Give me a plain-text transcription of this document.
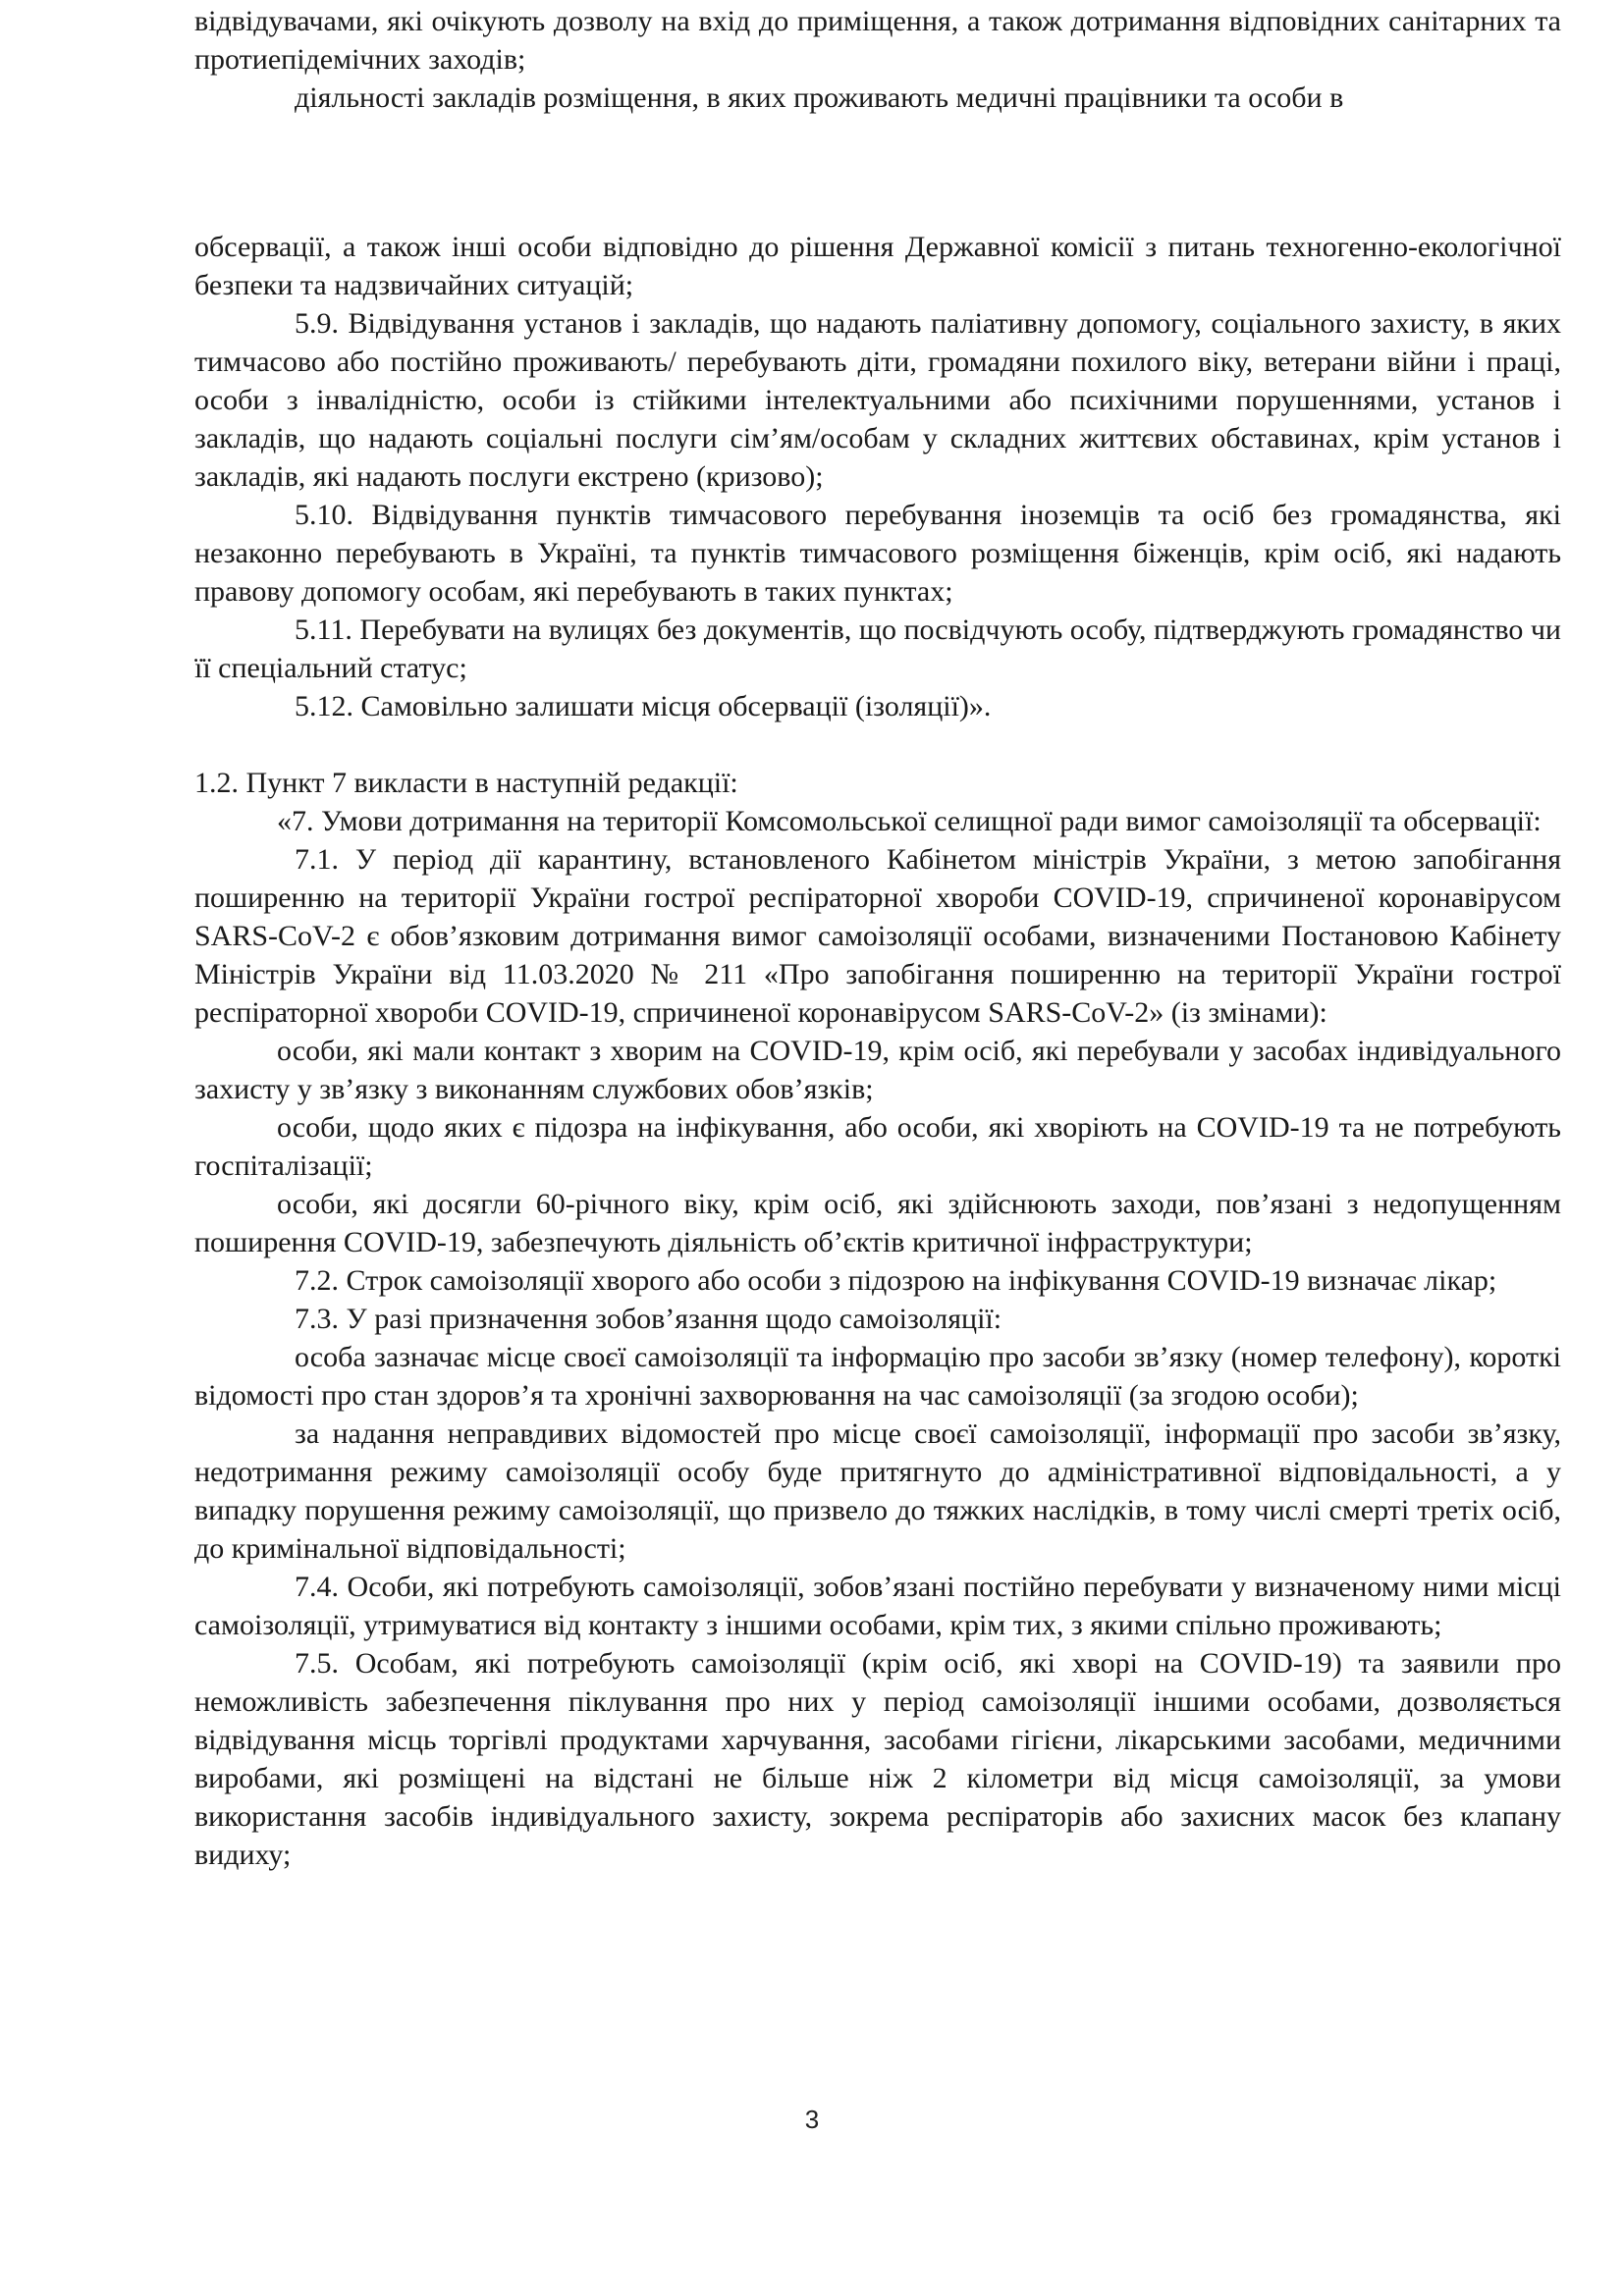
відвідувачами, які очікують дозволу на вхід до приміщення, а також дотримання відповідних санітарних та протиепідемічних заходів;

діяльності закладів розміщення, в яких проживають медичні працівники та особи в

обсервації, а також інші особи відповідно до рішення Державної комісії з питань техногенно-екологічної безпеки та надзвичайних ситуацій;

5.9. Відвідування установ і закладів, що надають паліативну допомогу, соціального захисту, в яких тимчасово або постійно проживають/ перебувають діти, громадяни похилого віку, ветерани війни і праці, особи з інвалідністю, особи із стійкими інтелектуальними або психічними порушеннями, установ і закладів, що надають соціальні послуги сім’ям/особам у складних життєвих обставинах, крім установ і закладів, які надають послуги екстрено (кризово);

5.10. Відвідування пунктів тимчасового перебування іноземців та осіб без громадянства, які незаконно перебувають в Україні, та пунктів тимчасового розміщення біженців, крім осіб, які надають правову допомогу особам, які перебувають в таких пунктах;

5.11. Перебувати на вулицях без документів, що посвідчують особу, підтверджують громадянство чи її спеціальний статус;

5.12. Самовільно залишати місця обсервації (ізоляції)».

1.2. Пункт 7 викласти в наступній редакції:

«7. Умови дотримання на території Комсомольської селищної ради вимог самоізоляції та обсервації:

7.1. У період дії карантину, встановленого Кабінетом міністрів України, з метою запобігання поширенню на території України гострої респіраторної хвороби COVID-19, спричиненої коронавірусом SARS-CoV-2 є обов’язковим дотримання вимог самоізоляції особами, визначеними Постановою Кабінету Міністрів України від 11.03.2020 № 211 «Про запобігання поширенню на території України гострої респіраторної хвороби COVID-19, спричиненої коронавірусом SARS-CoV-2» (із змінами):

особи, які мали контакт з хворим на COVID-19, крім осіб, які перебували у засобах індивідуального захисту у зв’язку з виконанням службових обов’язків;

особи, щодо яких є підозра на інфікування, або особи, які хворіють на COVID-19 та не потребують госпіталізації;

особи, які досягли 60-річного віку, крім осіб, які здійснюють заходи, пов’язані з недопущенням поширення COVID-19, забезпечують діяльність об’єктів критичної інфраструктури;

7.2. Строк самоізоляції хворого або особи з підозрою на інфікування COVID-19 визначає лікар;

7.3. У разі призначення зобов’язання щодо самоізоляції:

особа зазначає місце своєї самоізоляції та інформацію про засоби зв’язку (номер телефону), короткі відомості про стан здоров’я та хронічні захворювання на час самоізоляції (за згодою особи);

за надання неправдивих відомостей про місце своєї самоізоляції, інформації про засоби зв’язку, недотримання режиму самоізоляції особу буде притягнуто до адміністративної відповідальності, а у випадку порушення режиму самоізоляції, що призвело до тяжких наслідків, в тому числі смерті третіх осіб, до кримінальної відповідальності;

7.4. Особи, які потребують самоізоляції, зобов’язані постійно перебувати у визначеному ними місці самоізоляції, утримуватися від контакту з іншими особами, крім тих, з якими спільно проживають;

7.5. Особам, які потребують самоізоляції (крім осіб, які хворі на COVID-19) та заявили про неможливість забезпечення піклування про них у період самоізоляції іншими особами, дозволяється відвідування місць торгівлі продуктами харчування, засобами гігієни, лікарськими засобами, медичними виробами, які розміщені на відстані не більше ніж 2 кілометри від місця самоізоляції, за умови використання засобів індивідуального захисту, зокрема респіраторів або захисних масок без клапану видиху;

3
